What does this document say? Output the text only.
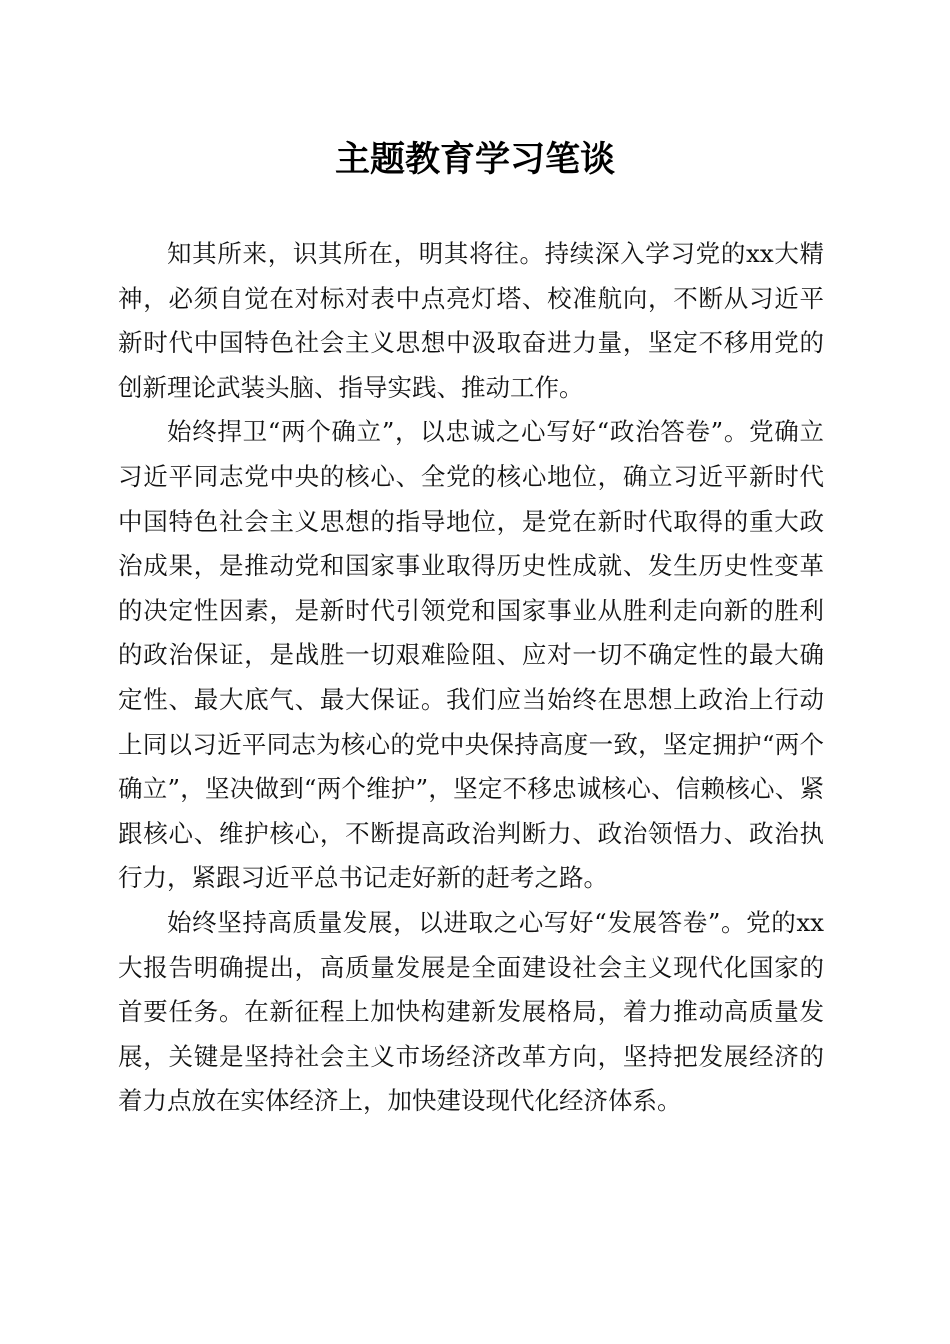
主题教育学习笔谈

知其所来，识其所在，明其将往。持续深入学习党的xx大精神，必须自觉在对标对表中点亮灯塔、校准航向，不断从习近平新时代中国特色社会主义思想中汲取奋进力量，坚定不移用党的创新理论武装头脑、指导实践、推动工作。

始终捍卫“两个确立”，以忠诚之心写好“政治答卷”。党确立习近平同志党中央的核心、全党的核心地位，确立习近平新时代中国特色社会主义思想的指导地位，是党在新时代取得的重大政治成果，是推动党和国家事业取得历史性成就、发生历史性变革的决定性因素，是新时代引领党和国家事业从胜利走向新的胜利的政治保证，是战胜一切艰难险阻、应对一切不确定性的最大确定性、最大底气、最大保证。我们应当始终在思想上政治上行动上同以习近平同志为核心的党中央保持高度一致，坚定拥护“两个确立”，坚决做到“两个维护”，坚定不移忠诚核心、信赖核心、紧跟核心、维护核心，不断提高政治判断力、政治领悟力、政治执行力，紧跟习近平总书记走好新的赶考之路。

始终坚持高质量发展，以进取之心写好“发展答卷”。党的xx大报告明确提出，高质量发展是全面建设社会主义现代化国家的首要任务。在新征程上加快构建新发展格局，着力推动高质量发展，关键是坚持社会主义市场经济改革方向，坚持把发展经济的着力点放在实体经济上，加快建设现代化经济体系。
